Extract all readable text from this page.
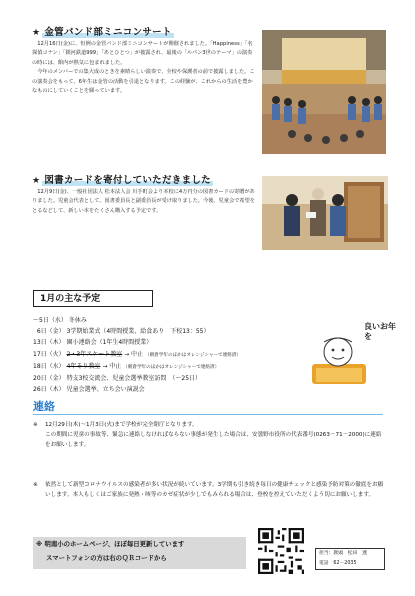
★ 金管バンド部ミニコンサート

12月16日(金)に、恒例の金管バンド部ミニコンサートが開催されました。「Happiness」「名探偵コナン」「銀河鉄道999」「あとひとつ」が披露され、最後の「ルパン3世のテーマ」の演奏の時には、館内が熱気に包まれました。

今年のメンバーでの集大成のときを素晴らしい演奏で、全校や保護者の前で披露しました。この演奏会をもって、6年生は金管の活動を引退となります。この経験が、これからの生活を豊かなものにしていくことを願っています。

★ 図書カードを寄付していただきました

12月9日(金)、一般社団法人 松本法人会 川手町会より本校に4万円分の図書カードの寄贈がありました。児童会代表として、図書委員長と副委員長が受け取りました。今後、児童会で希望をとるなどして、新しい本をたくさん購入する予定です。

1月の主な予定
～5日（水） 冬休み
6日（金） 3学期始業式（4時間授業、給食あり　下校13：55）
13日（木） 園小連絡会（1年生4時間授業）
17日（火） 2・3年スケート教室 → 中止 （朝倉学年のほかはオレンジシャーで連絡済）
18日（水） 4年そり教室 → 中止 （朝倉学年のほかはオレンジシャーで連絡済）
20日（金） 特支3校交流会、児童会選挙教室訪問　（～25日）
26日（木） 児童会選挙、立ち会い演説会
良いお年を
連絡
※ 12月29日(木)～1月3日(火)まで学校が完全閉庁となります。
この期間に児童の事故等、緊急に連絡しなければならない事態が発生した場合は、安曇野市役所の代表番号(0263－71－2000)に連絡をお願いします。
※	依然として新型コロナウイルスの感染者が多い状況が続いています。3学期も引き続き毎日の健康チェックと感染予防対策の徹底をお願いします。本人もしくはご家族に発熱・咳等のカゼ症状が少しでもみられる場合は、登校を控えていただくよう切にお願いします。
※ 明南小のホームページ、ほぼ毎日更新しています
スマートフォンの方は右のＱＲコードから
担当：教頭　松田　透
電話　62－2035
